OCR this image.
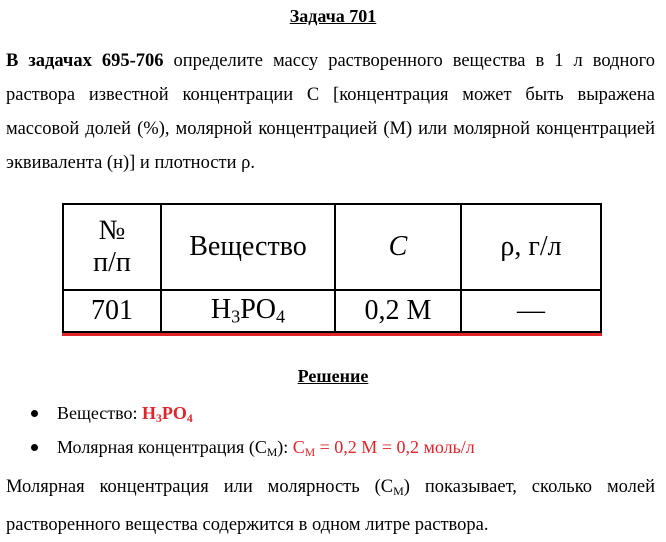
Задача 701
В задачах 695-706 определите массу растворенного вещества в 1 л водного раствора известной концентрации C [концентрация может быть выражена массовой долей (%), молярной концентрацией (М) или молярной концентрацией эквивалента (н)] и плотности ρ.
№
п/п	Вещество	C	ρ, г/л
701	$H_3PO_4$	0,2 M	—
Решение
Вещество: $H_3PO_4$
Молярная концентрация $(C_M)$: $C_M = 0,2$ M = 0,2 моль/л
Молярная концентрация или молярность $(C_M)$ показывает, сколько молей растворенного вещества содержится в одном литре раствора.
